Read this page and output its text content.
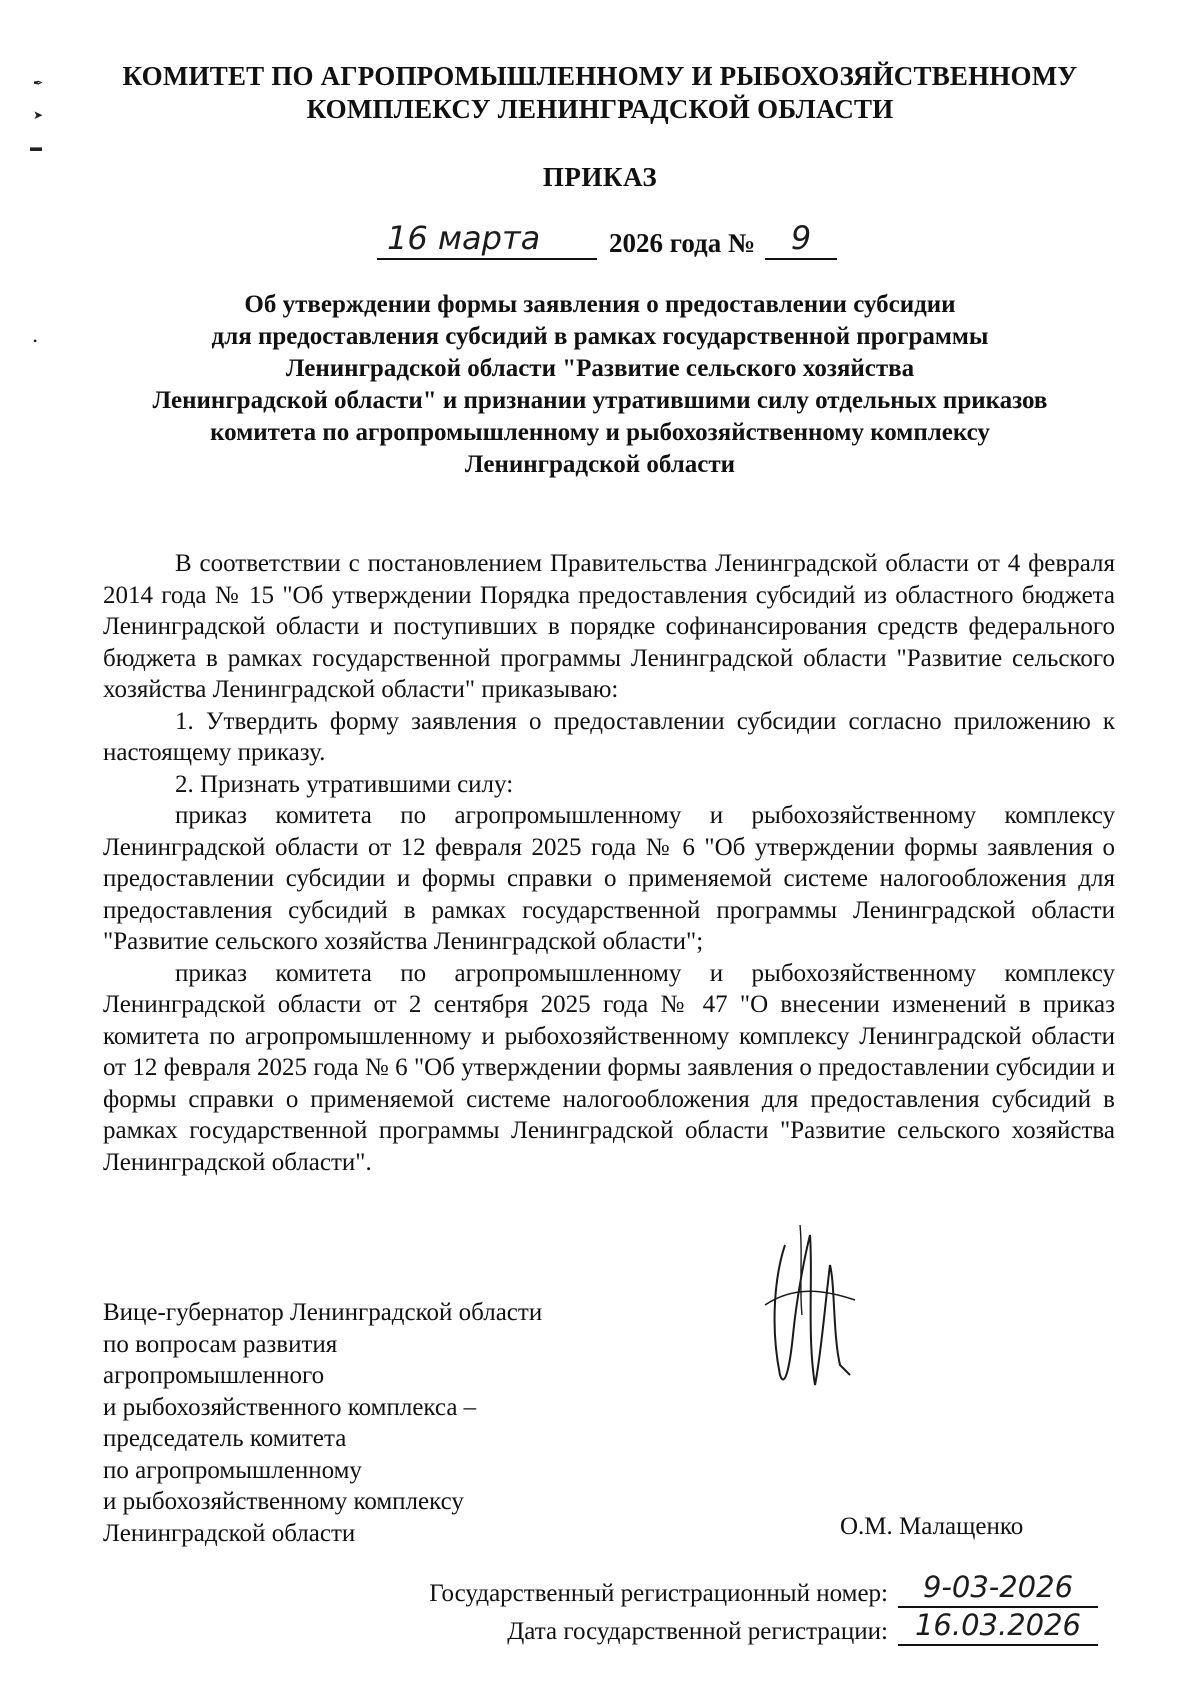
✒
➤
▬
•
КОМИТЕТ ПО АГРОПРОМЫШЛЕННОМУ И РЫБОХОЗЯЙСТВЕННОМУ
КОМПЛЕКСУ ЛЕНИНГРАДСКОЙ ОБЛАСТИ
ПРИКАЗ
16 марта	2026 года №	9
Об утверждении формы заявления о предоставлении субсидии
для предоставления субсидий в рамках государственной программы
Ленинградской области "Развитие сельского хозяйства
Ленинградской области" и признании утратившими силу отдельных приказов
комитета по агропромышленному и рыбохозяйственному комплексу
Ленинградской области

В соответствии с постановлением Правительства Ленинградской области от 4 февраля 2014 года № 15 "Об утверждении Порядка предоставления субсидий из областного бюджета Ленинградской области и поступивших в порядке софинансирования средств федерального бюджета в рамках государственной программы Ленинградской области "Развитие сельского хозяйства Ленинградской области" приказываю:

1. Утвердить форму заявления о предоставлении субсидии согласно приложению к настоящему приказу.

2. Признать утратившими силу:

приказ комитета по агропромышленному и рыбохозяйственному комплексу Ленинградской области от 12 февраля 2025 года № 6 "Об утверждении формы заявления о предоставлении субсидии и формы справки о применяемой системе налогообложения для предоставления субсидий в рамках государственной программы Ленинградской области "Развитие сельского хозяйства Ленинградской области";

приказ комитета по агропромышленному и рыбохозяйственному комплексу Ленинградской области от 2 сентября 2025 года № 47 "О внесении изменений в приказ комитета по агропромышленному и рыбохозяйственному комплексу Ленинградской области от 12 февраля 2025 года № 6 "Об утверждении формы заявления о предоставлении субсидии и формы справки о применяемой системе налогообложения для предоставления субсидий в рамках государственной программы Ленинградской области "Развитие сельского хозяйства Ленинградской области".

Вице-губернатор Ленинградской области
по вопросам развития
агропромышленного
и рыбохозяйственного комплекса –
председатель комитета
по агропромышленному
и рыбохозяйственному комплексу
Ленинградской области	О.М. Малащенко
Государственный регистрационный номер:	9-03-2026
Дата государственной регистрации: 16.03.2026
